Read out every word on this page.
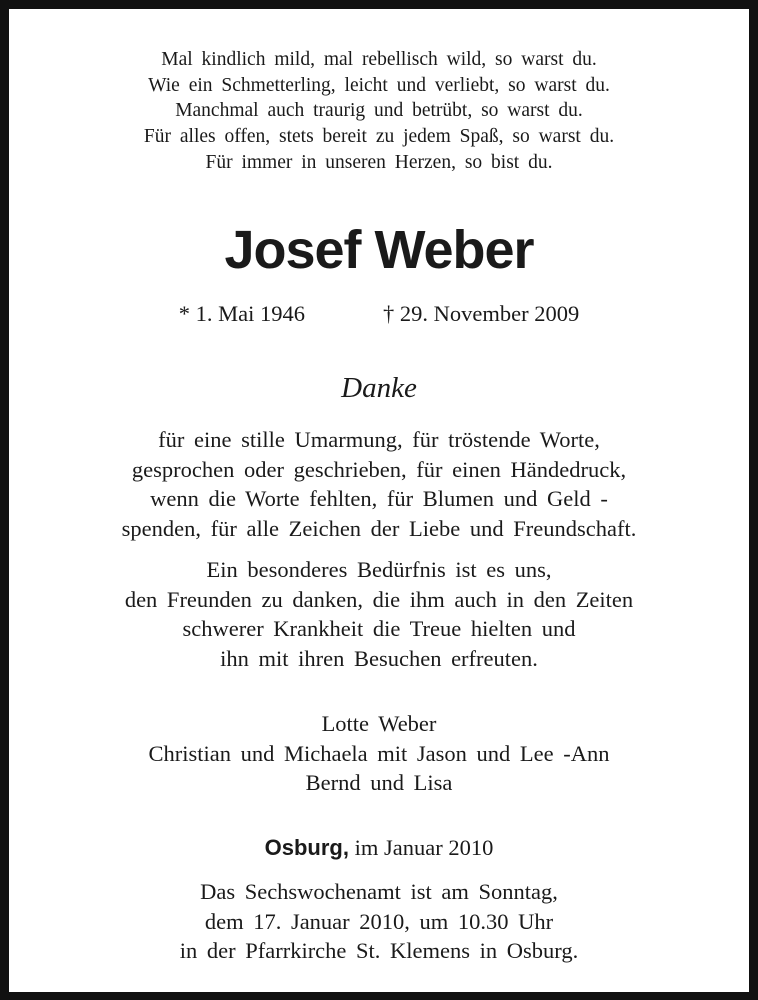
Mal kindlich mild, mal rebellisch wild, so warst du.
Wie ein Schmetterling, leicht und verliebt, so warst du.
Manchmal auch traurig und betrübt, so warst du.
Für alles offen, stets bereit zu jedem Spaß, so warst du.
Für immer in unseren Herzen, so bist du.
Josef Weber
* 1. Mai 1946	† 29. November 2009
Danke
für eine stille Umarmung, für tröstende Worte,
gesprochen oder geschrieben, für einen Händedruck,
wenn die Worte fehlten, für Blumen und Geld -
spenden, für alle Zeichen der Liebe und Freundschaft.
Ein besonderes Bedürfnis ist es uns,
den Freunden zu danken, die ihm auch in den Zeiten
schwerer Krankheit die Treue hielten und
ihn mit ihren Besuchen erfreuten.
Lotte Weber
Christian und Michaela mit Jason und Lee -Ann
Bernd und Lisa
Osburg, im Januar 2010
Das Sechswochenamt ist am Sonntag,
dem 17. Januar 2010, um 10.30 Uhr
in der Pfarrkirche St. Klemens in Osburg.
